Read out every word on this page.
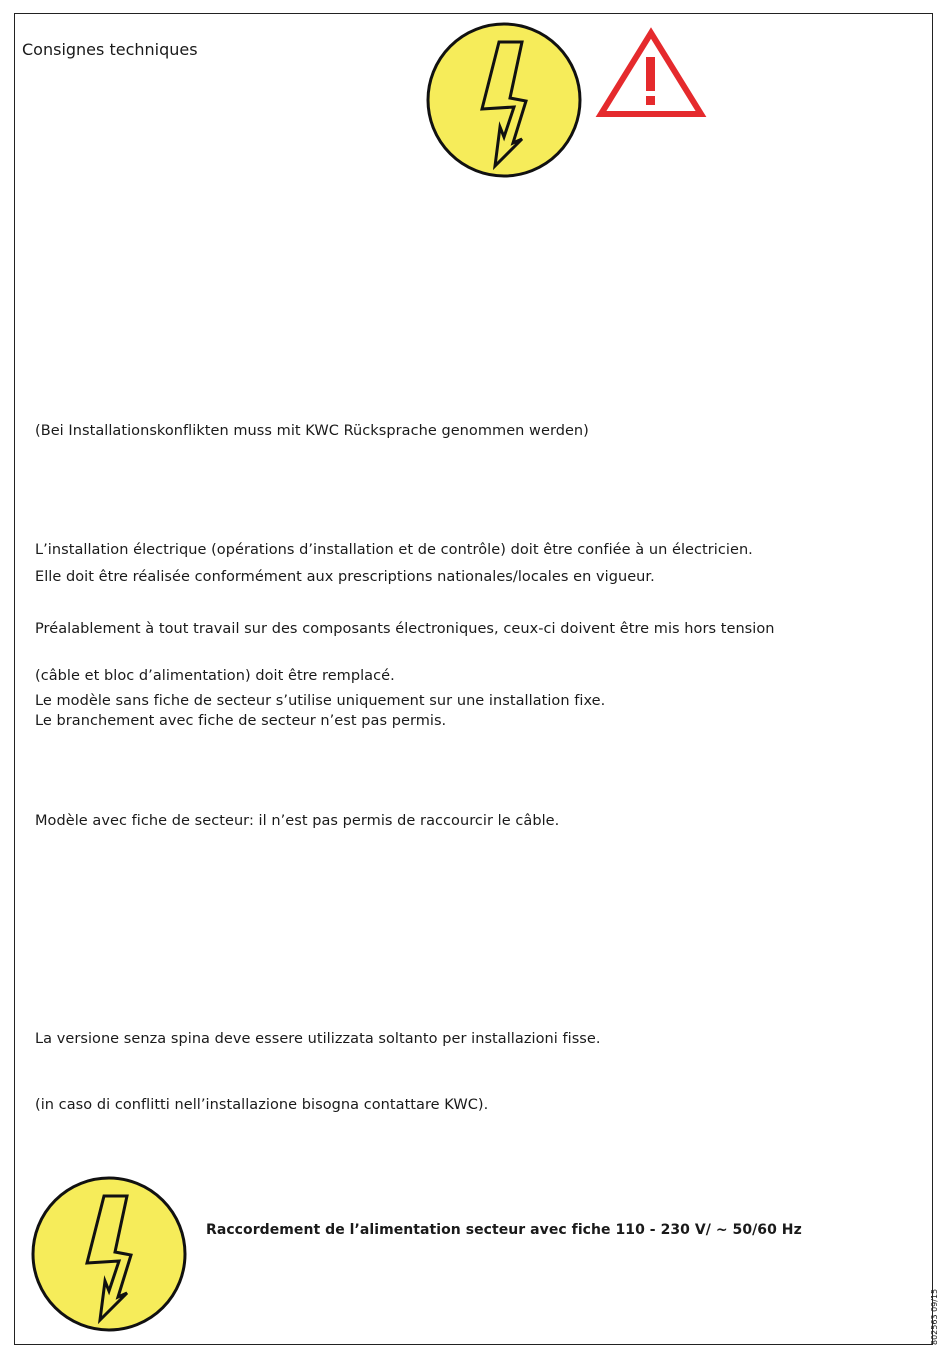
Consignes techniques
(Bei Installationskonflikten muss mit KWC Rücksprache genommen werden)
L’installation électrique (opérations d’installation et de contrôle) doit être confiée à un électricien.
Elle doit être réalisée conformément aux prescriptions nationales/locales en vigueur.
Préalablement à tout travail sur des composants électroniques, ceux-ci doivent être mis hors tension
(câble et bloc d’alimentation) doit être remplacé.
Le modèle sans fiche de secteur s’utilise uniquement sur une installation fixe.
Le branchement avec fiche de secteur n’est pas permis.
Modèle avec fiche de secteur: il n’est pas permis de raccourcir le câble.
La versione senza spina deve essere utilizzata soltanto per installazioni fisse.
(in caso di conflitti nell’installazione bisogna contattare KWC).
Raccordement de l’alimentation secteur avec fiche 110 - 230 V/ ~ 50/60 Hz
802563 09/15
